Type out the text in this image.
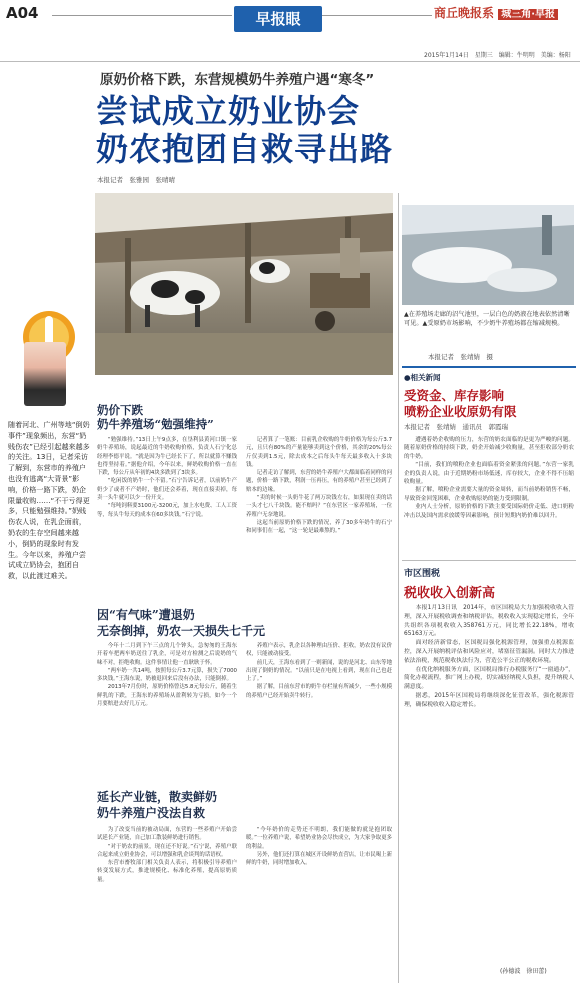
A04	早报眼	商丘晚报系 城三角·早报
2015年1月14日　星期三　编辑：牛明明　美编：杨阳
原奶价格下跌，东营规模奶牛养殖户遇“寒冬”
尝试成立奶业协会
奶农抱团自救寻出路
本报记者　张雅园　张晴晴
随着河北、广州等地“倒奶事件”现象频出，东营“奶贱伤农”已经引起越来越多的关注。13日，记者采访了解到，东营市的养殖户也没有逃离“大背景”影响，价格一路下跌，奶企限量收购……“不干亏得更多，只能勉强维持。”奶贱伤农人说，在乳企面前，奶农的生存空间越来越小，倒奶的现象时有发生。今年以来，养殖户尝试成立奶协会，抱团自救，以此渡过难关。
奶价下跌
奶牛养殖场“勉强维持”

“勉强维持。”13日上午9点多，在垦利县黄河口镇一家奶牛养殖场，说起最近的牛奶收购价格，负责人石宁化总经理李德平说。“就是因为牛已经长下了，所以就算不赚钱也得坚持着。”据他介绍，今年以来，鲜奶收购价格一直在下跌，每公斤从年初的4块多跌到了3块多。

“吃闲饭的奶牛一个不留。”石宁告诉记者，以前奶牛产奶少了或者不产奶时，他们还会养着，现在直接卖掉，每卖一头牛就可以少一份开支。

“每吨饲料要3100元-3200元，加上水电费、工人工资等，每头牛每天的成本在60多块钱。”石宁说。

记者算了一笔账：目前乳企收购的牛奶价格为每公斤3.7元，且只有80%的产量能够卖到这个价格，其余的20%每公斤仅卖到1.5元，除去成本之后每头牛每天最多收入十多块钱。

记者走访了解到，东营的奶牛养殖户大都面临着同样的问题，价格一路下跌，利润一压再压，有的养殖户甚至已经到了赔本的边缘。

“卖的时候一头奶牛花了两万块钱左右，如果现在卖的话一头才七八千块钱。能不赔吗？”在东营区一家养殖场，一位养殖户无奈地说。

这起当前原奶价格下跌的情况，养了30多年奶牛的石宁和同事们在一起，“这一轮是最难熬的。”

因“有气味”遭退奶
无奈倒掉，奶农一天损失七千元

今年十二月到下午三点的几个钟头，急匆匆的王海东开着车把两车奶送往了乳企，可是对方检测之后说奶的气味不对，拒绝收购。这件事情让他一直耿耿于怀。

“两车奶一共14吨，按照每公斤3.7元算，损失了7000多块钱。”王海东说，奶被退回来后没有办法，只能倒掉。

2013年7月份时，原奶价格曾达5.8元每公斤，随着生鲜乳的下跌，王海东的养殖场从盈利转为亏损，如今一个月要赔进去好几万元。

养殖户表示，乳企以各种理由压价、拒收，奶农没有议价权，只能被动接受。

前几天，王海东看到了一则新闻，说的是河北、山东等地出现了倒奶的情况。“以前只是在电视上看到，现在自己也赶上了。”

据了解，目前东营市的奶牛存栏量有所减少，一些小规模的养殖户已经开始卖牛转行。

延长产业链，散卖鲜奶
奶牛养殖户没法自救

为了改变当前的被动局面，东营的一些养殖户开始尝试延长产业链，自己加工散装鲜奶进行销售。

“对于奶农的前景，现在还不好说。”石宁说，养殖户联合起来成立奶业协会，可以增强和乳企谈判的话语权。

东营市畜牧部门相关负责人表示，将积极引导养殖户转变发展方式，推进规模化、标准化养殖，提高原奶质量。

“今年奶价的走势还不明朗，我们能做的就是抱团取暖。”一位养殖户说，希望奶业协会尽快成立，为大家争取更多的利益。

另外，他们还打算在城区开设鲜奶直营店，让市民喝上新鲜的牛奶，同时增加收入。

▲在养殖场走廊的沼气池里，一层白色的奶液在地表依然清晰可见。▲受原奶市场影响，不少奶牛养殖场都在缩减规模。
本报记者　张靖婧　摄
●相关新闻
受资金、库存影响
喷粉企业收原奶有限
本报记者　张靖婧　通讯员　郭霞瑞

遭遇着奶企收购的压力，东营的奶农面临的是更为严峻的问题。随着原奶价格的持续下跌，奶企开始减少收购量，甚至拒收部分奶农的牛奶。

“目前，我们的喷粉企业也面临着资金紧张的问题。”东营一家乳企的负责人说，由于近期奶粉市场低迷，库存较大，企业不得不压缩收购量。

据了解，喷粉企业需要大量的资金周转，而当前奶粉销售不畅，导致资金回笼困难，企业收购原奶的能力受到限制。

业内人士分析，原奶价格的下跌主要受国际奶价走低、进口奶粉冲击以及国内需求放缓等因素影响，预计短期内奶价难以回升。

市区围税
税收收入创新高

本报1月13日讯　2014年，市区国税局大力加强税收收入管理，深入开展税收调查和纳税评估，税收收入实现稳定增长，全年共组织各项税收收入358761万元，同比增长22.18%，增收65163万元。

面对经济新常态，区国税局强化税源管理，加强重点税源监控，深入开展纳税评估和风险应对，堵塞征管漏洞。同时大力推进依法治税，规范税收执法行为，营造公平公正的税收环境。

在优化纳税服务方面，区国税局推行办税服务厅“一窗通办”，简化办税流程，推广网上办税，切实减轻纳税人负担，提升纳税人满意度。

据悉，2015年区国税局将继续深化征管改革，强化税源管理，确保税收收入稳定增长。

(孙德波　徐田蕾)
